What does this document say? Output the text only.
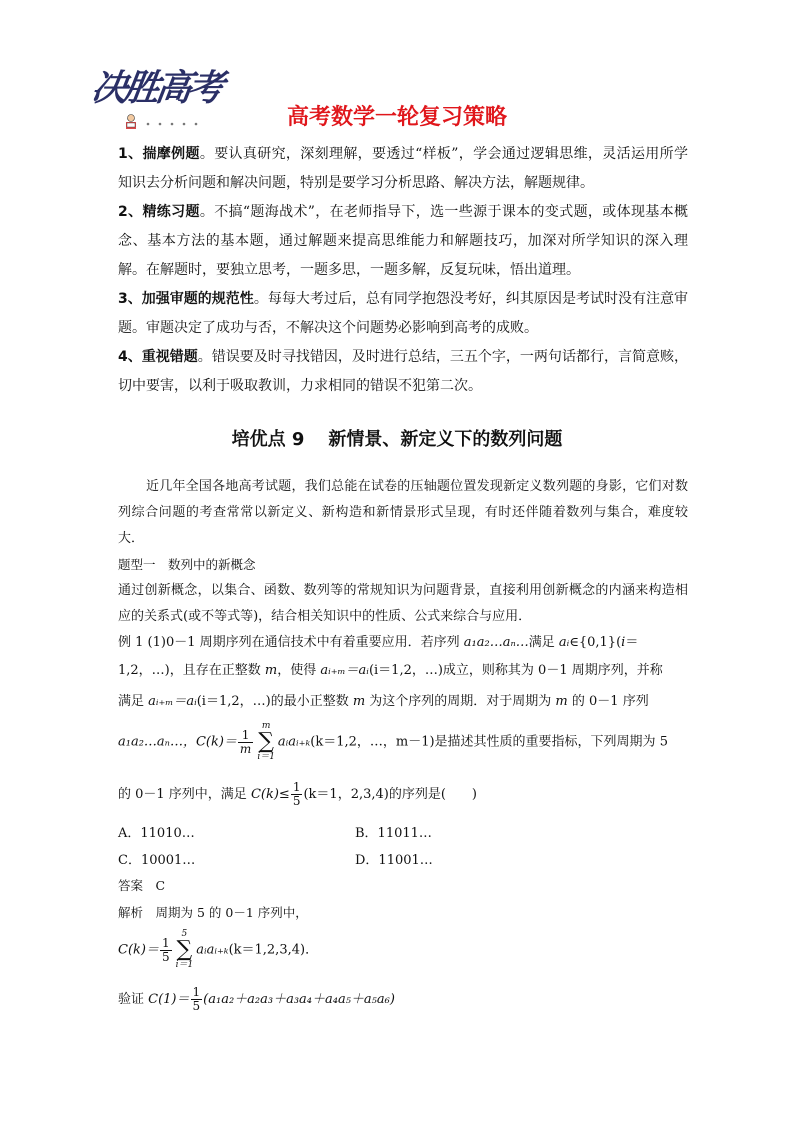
决胜高考
高考数学一轮复习策略

1、揣摩例题。要认真研究，深刻理解，要透过“样板”，学会通过逻辑思维，灵活运用所学知识去分析问题和解决问题，特别是要学习分析思路、解决方法，解题规律。

2、精练习题。不搞“题海战术”，在老师指导下，选一些源于课本的变式题，或体现基本概念、基本方法的基本题，通过解题来提高思维能力和解题技巧，加深对所学知识的深入理解。在解题时，要独立思考，一题多思，一题多解，反复玩味，悟出道理。

3、加强审题的规范性。每每大考过后，总有同学抱怨没考好，纠其原因是考试时没有注意审题。审题决定了成功与否，不解决这个问题势必影响到高考的成败。

4、重视错题。错误要及时寻找错因，及时进行总结，三五个字，一两句话都行，言简意赅，切中要害，以利于吸取教训，力求相同的错误不犯第二次。

培优点 9 新情景、新定义下的数列问题

近几年全国各地高考试题，我们总能在试卷的压轴题位置发现新定义数列题的身影，它们对数列综合问题的考查常常以新定义、新构造和新情景形式呈现，有时还伴随着数列与集合，难度较大．

题型一　数列中的新概念

通过创新概念，以集合、函数、数列等的常规知识为问题背景，直接利用创新概念的内涵来构造相应的关系式(或不等式等)，结合相关知识中的性质、公式来综合与应用．

例 1 (1)0－1 周期序列在通信技术中有着重要应用．若序列 a₁a₂…aₙ…满足 aᵢ∈{0,1}(i＝
1,2，…)，且存在正整数 m，使得 aᵢ₊ₘ＝aᵢ(i＝1,2，…)成立，则称其为 0－1 周期序列，并称
满足 aᵢ₊ₘ＝aᵢ(i＝1,2，…)的最小正整数 m 为这个序列的周期．对于周期为 m 的 0－1 序列
a₁a₂…aₙ…，$C(k)= \frac{1}{m}$
m
∑
i＝1
aᵢaᵢ₊ₖ(k＝1,2，…，m－1)是描述其性质的重要指标，下列周期为 5
的 0－1 序列中，满足 $C(k)\le \frac{1}{5} (k=1$，2,3,4)的序列是(　　)
A．11010…	B．11011…
C．10001…	D．11001…
答案　C
解析　周期为 5 的 0－1 序列中，
$C(k)= \frac{1}{5}$
5
∑
i＝1
aᵢaᵢ₊ₖ(k＝1,2,3,4)．
验证 $C(1)= \frac{1}{5} (a_1a_2+a_2a_3+a_3a_4+a_4a_5+a_5a_6)$
